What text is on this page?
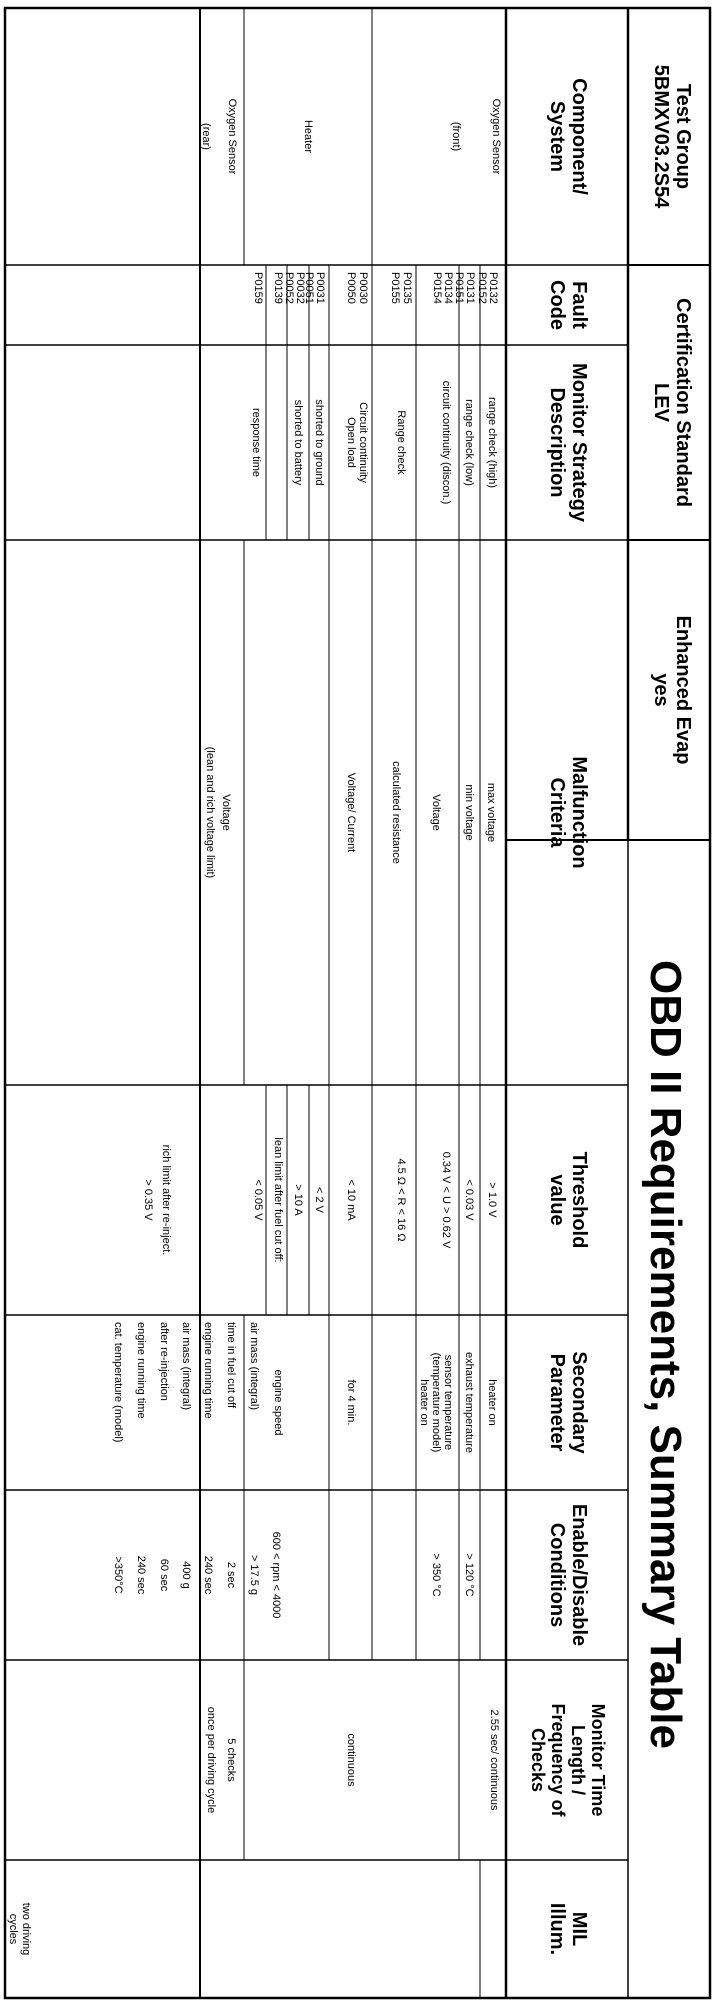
OBD II Requirements, Summary Table
Test Group
5BMXV03.2S54
Certification Standard
LEV
Enhanced Evap
yes
Component/
System
Fault
Code
Monitor Strategy
Description
Malfunction
Criteria
Threshold
value
Secondary
Parameter
Enable/Disable
Conditions
Monitor Time
Length /
Frequency of
Checks
MIL
Illum.
Oxygen Sensor
(front)
Heater
Oxygen Sensor
(rear)
P0132
P0152
P0131
P0151
P0134
P0154
P0135
P0155
P0030
P0050
P0031
P0051
P0032
P0052
P0139
P0159
range check (high)
range check (low)
circuit continuity (discon.)
Range check
Circuit continuity
Open load
shorted to ground
shorted to battery
response time
max voltage
min voltage
Voltage
calculated resistance
Voltage/ Current
Voltage
(lean and rich voltage limit)
> 1.0 V
< 0.03 V
0.34 V < U > 0.62 V
4.5 Ω < R < 16 Ω
< 10 mA
< 2 V
> 10 A
lean limit after fuel cut off:
< 0.05 V
rich limit after re-inject.
> 0.35 V
heater on
exhaust temperature
sensor temperature
(temperature model)
heater on
for 4 min.
engine speed
air mass (integral)
time in fuel cut off
engine running time
air mass (integral)
after re-injection
engine running time
cat. temperature (model)
> 120 °C
> 350 °C
600 < rpm < 4000
> 17.5 g
2 sec
240 sec
400 g
60 sec
240 sec
>350°C
2.55 sec/ continuous
continuous
5 checks
once per driving cycle
two driving
cycles
